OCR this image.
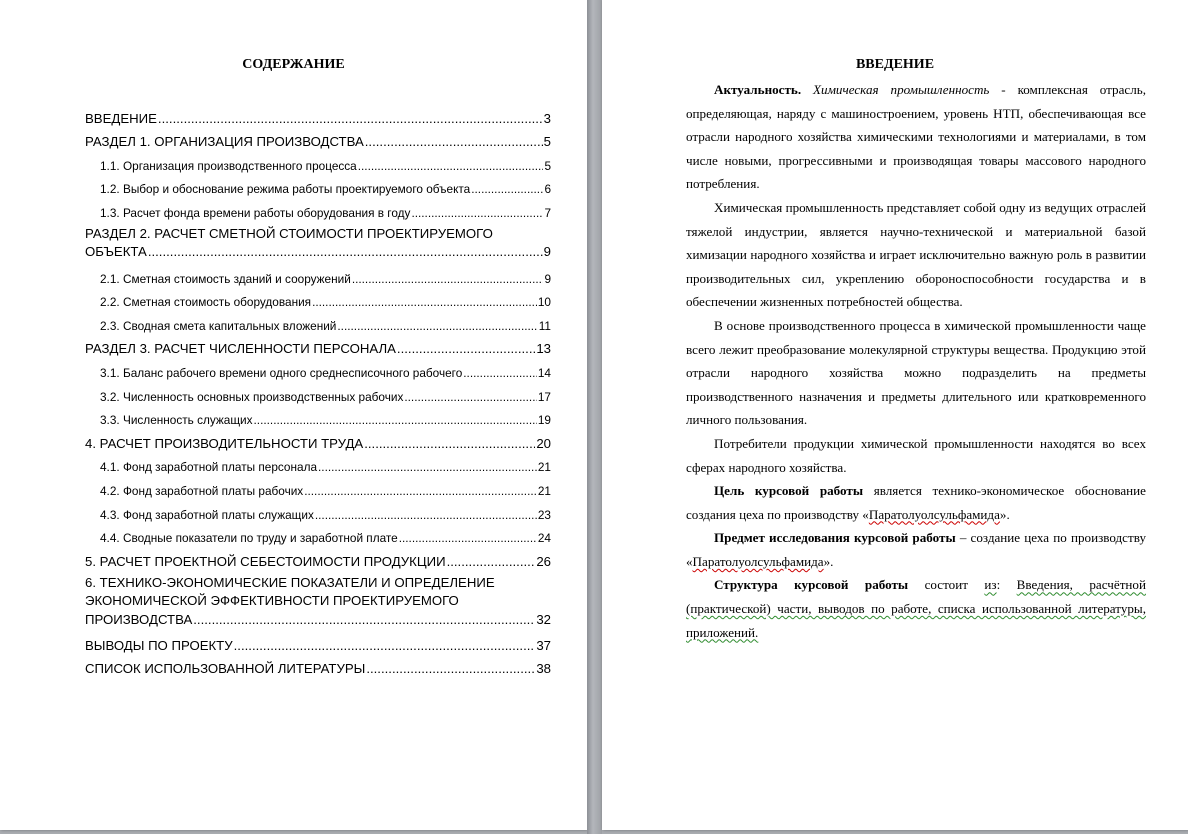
СОДЕРЖАНИЕ
ВВЕДЕНИЕ .....	3
РАЗДЕЛ 1. ОРГАНИЗАЦИЯ ПРОИЗВОДСТВА .....	5
1.1. Организация производственного процесса .....	5
1.2. Выбор и обоснование режима работы проектируемого объекта .....	6
1.3. Расчет фонда времени работы оборудования в году .....	7
РАЗДЕЛ 2. РАСЧЕТ СМЕТНОЙ СТОИМОСТИ ПРОЕКТИРУЕМОГО
ОБЪЕКТА .....	9
2.1. Сметная стоимость зданий и сооружений .....	9
2.2. Сметная стоимость оборудования .....	10
2.3. Сводная смета капитальных вложений .....	11
РАЗДЕЛ 3. РАСЧЕТ ЧИСЛЕННОСТИ ПЕРСОНАЛА .....	13
3.1. Баланс рабочего времени одного среднесписочного рабочего .....	14
3.2. Численность основных производственных рабочих .....	17
3.3. Численность служащих .....	19
4. РАСЧЕТ ПРОИЗВОДИТЕЛЬНОСТИ ТРУДА .....	20
4.1. Фонд заработной платы персонала .....	21
4.2. Фонд заработной платы рабочих .....	21
4.3. Фонд заработной платы служащих .....	23
4.4. Сводные показатели по труду и заработной плате .....	24
5. РАСЧЕТ ПРОЕКТНОЙ СЕБЕСТОИМОСТИ ПРОДУКЦИИ .....	26
6. ТЕХНИКО-ЭКОНОМИЧЕСКИЕ ПОКАЗАТЕЛИ И ОПРЕДЕЛЕНИЕ
ЭКОНОМИЧЕСКОЙ ЭФФЕКТИВНОСТИ ПРОЕКТИРУЕМОГО
ПРОИЗВОДСТВА .....	32
ВЫВОДЫ ПО ПРОЕКТУ .....	37
СПИСОК ИСПОЛЬЗОВАННОЙ ЛИТЕРАТУРЫ .....	38
ВВЕДЕНИЕ

Актуальность. Химическая промышленность - комплексная отрасль, определяющая, наряду с машиностроением, уровень НТП, обеспечивающая все отрасли народного хозяйства химическими технологиями и материалами, в том числе новыми, прогрессивными и производящая товары массового народного потребления.

Химическая промышленность представляет собой одну из ведущих отраслей тяжелой индустрии, является научно-технической и материальной базой химизации народного хозяйства и играет исключительно важную роль в развитии производительных сил, укреплению обороноспособности государства и в обеспечении жизненных потребностей общества.

В основе производственного процесса в химической промышленности чаще всего лежит преобразование молекулярной структуры вещества. Продукцию этой отрасли народного хозяйства можно подразделить на предметы производственного назначения и предметы длительного или кратковременного личного пользования.

Потребители продукции химической промышленности находятся во всех сферах народного хозяйства.

Цель курсовой работы является технико-экономическое обоснование создания цеха по производству «Паратолуолсульфамида».

Предмет исследования курсовой работы – создание цеха по производству «Паратолуолсульфамида».

Структура курсовой работы состоит из: Введения, расчётной (практической) части, выводов по работе, списка использованной литературы, приложений.
